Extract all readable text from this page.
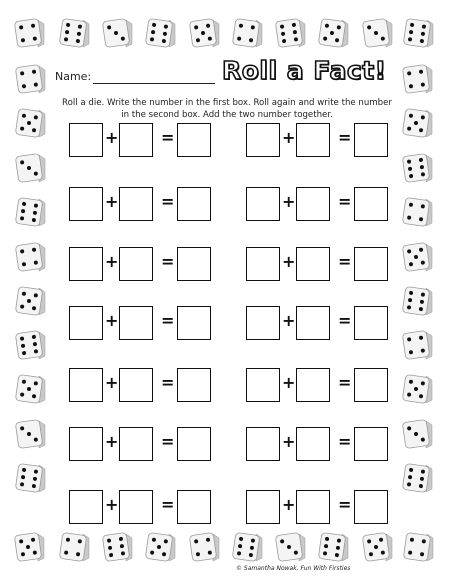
Name:	Roll a Fact!
Roll a die. Write the number in the first box. Roll again and write the number in the second box. Add the two number together.
+	=	+	=
+	=	+	=
+	=	+	=
+	=	+	=
+	=	+	=
+	=	+	=
+	=	+	=
© Samantha Nowak, Fun With Firsties
